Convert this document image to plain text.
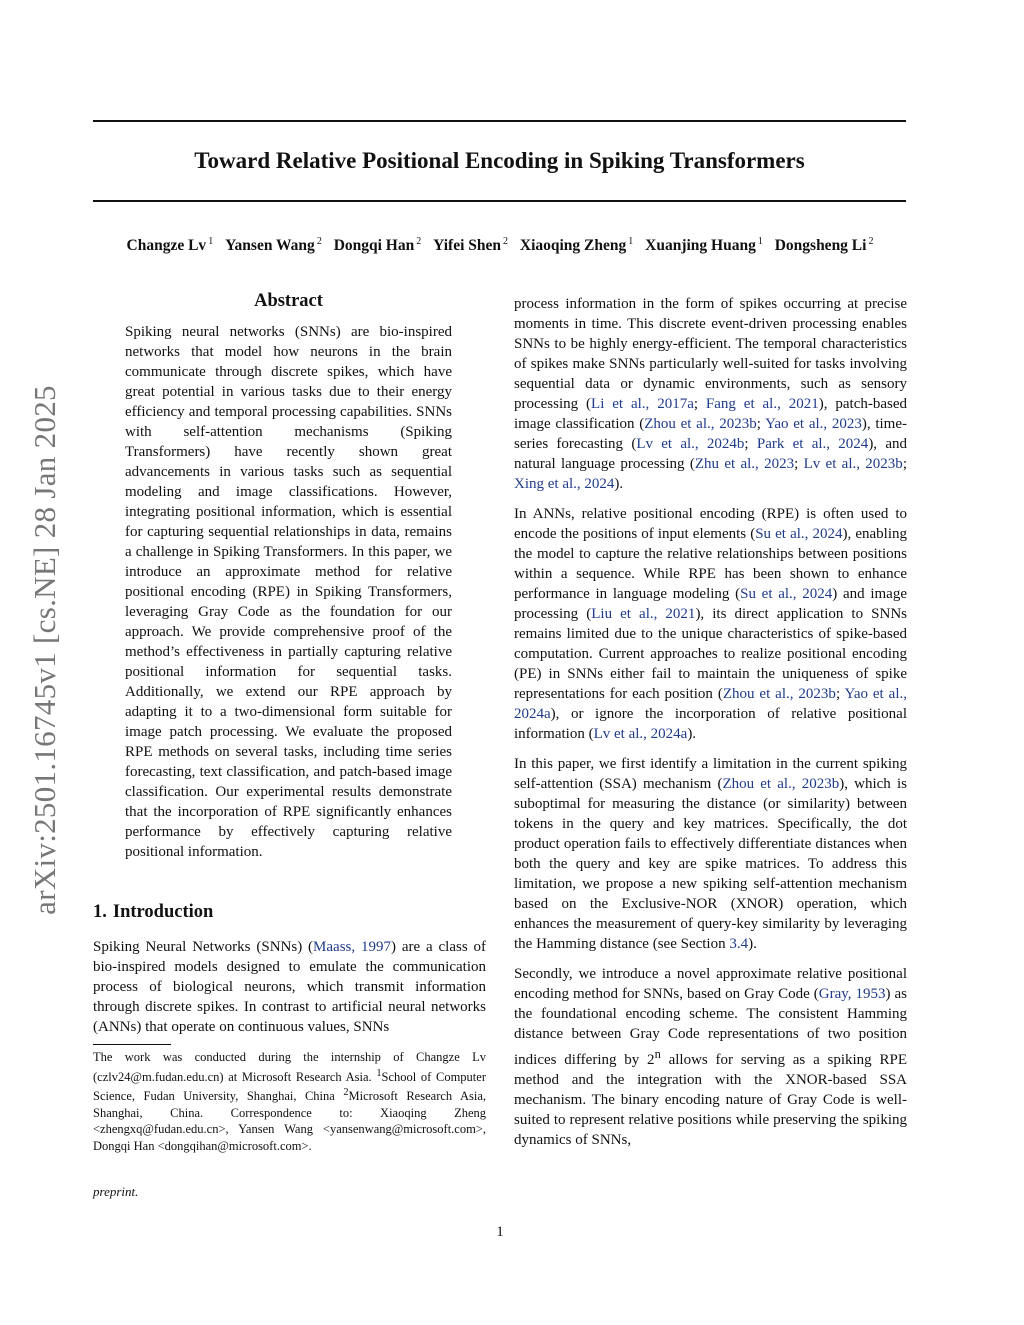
Toward Relative Positional Encoding in Spiking Transformers
Changze Lv $^1$ Yansen Wang $^2$ Dongqi Han $^2$ Yifei Shen $^2$ Xiaoqing Zheng $^1$ Xuanjing Huang $^1$ Dongsheng Li $^2$
arXiv:2501.16745v1 [cs.NE] 28 Jan 2025
Abstract

Spiking neural networks (SNNs) are bio-inspired networks that model how neurons in the brain communicate through discrete spikes, which have great potential in various tasks due to their energy efficiency and temporal processing capabilities. SNNs with self-attention mechanisms (Spiking Transformers) have recently shown great advancements in various tasks such as sequential modeling and image classifications. However, integrating positional information, which is essential for capturing sequential relationships in data, remains a challenge in Spiking Transformers. In this paper, we introduce an approximate method for relative positional encoding (RPE) in Spiking Transformers, leveraging Gray Code as the foundation for our approach. We provide comprehensive proof of the method’s effectiveness in partially capturing relative positional information for sequential tasks. Additionally, we extend our RPE approach by adapting it to a two-dimensional form suitable for image patch processing. We evaluate the proposed RPE methods on several tasks, including time series forecasting, text classification, and patch-based image classification. Our experimental results demonstrate that the incorporation of RPE significantly enhances performance by effectively capturing relative positional information.

1. Introduction

Spiking Neural Networks (SNNs) (Maass, 1997) are a class of bio-inspired models designed to emulate the communication process of biological neurons, which transmit information through discrete spikes. In contrast to artificial neural networks (ANNs) that operate on continuous values, SNNs

The work was conducted during the internship of Changze Lv (czlv24@m.fudan.edu.cn) at Microsoft Research Asia. $^1$School of Computer Science, Fudan University, Shanghai, China $^2$Microsoft Research Asia, Shanghai, China. Correspondence to: Xiaoqing Zheng <zhengxq@fudan.edu.cn>, Yansen Wang <yansenwang@microsoft.com>, Dongqi Han <dongqihan@microsoft.com>.

preprint.

process information in the form of spikes occurring at precise moments in time. This discrete event-driven processing enables SNNs to be highly energy-efficient. The temporal characteristics of spikes make SNNs particularly well-suited for tasks involving sequential data or dynamic environments, such as sensory processing (Li et al., 2017a; Fang et al., 2021), patch-based image classification (Zhou et al., 2023b; Yao et al., 2023), time-series forecasting (Lv et al., 2024b; Park et al., 2024), and natural language processing (Zhu et al., 2023; Lv et al., 2023b; Xing et al., 2024).

In ANNs, relative positional encoding (RPE) is often used to encode the positions of input elements (Su et al., 2024), enabling the model to capture the relative relationships between positions within a sequence. While RPE has been shown to enhance performance in language modeling (Su et al., 2024) and image processing (Liu et al., 2021), its direct application to SNNs remains limited due to the unique characteristics of spike-based computation. Current approaches to realize positional encoding (PE) in SNNs either fail to maintain the uniqueness of spike representations for each position (Zhou et al., 2023b; Yao et al., 2024a), or ignore the incorporation of relative positional information (Lv et al., 2024a).

In this paper, we first identify a limitation in the current spiking self-attention (SSA) mechanism (Zhou et al., 2023b), which is suboptimal for measuring the distance (or similarity) between tokens in the query and key matrices. Specifically, the dot product operation fails to effectively differentiate distances when both the query and key are spike matrices. To address this limitation, we propose a new spiking self-attention mechanism based on the Exclusive-NOR (XNOR) operation, which enhances the measurement of query-key similarity by leveraging the Hamming distance (see Section 3.4).

Secondly, we introduce a novel approximate relative positional encoding method for SNNs, based on Gray Code (Gray, 1953) as the foundational encoding scheme. The consistent Hamming distance between Gray Code representations of two position indices differing by 2$^n$ allows for serving as a spiking RPE method and the integration with the XNOR-based SSA mechanism. The binary encoding nature of Gray Code is well-suited to represent relative positions while preserving the spiking dynamics of SNNs,

1
